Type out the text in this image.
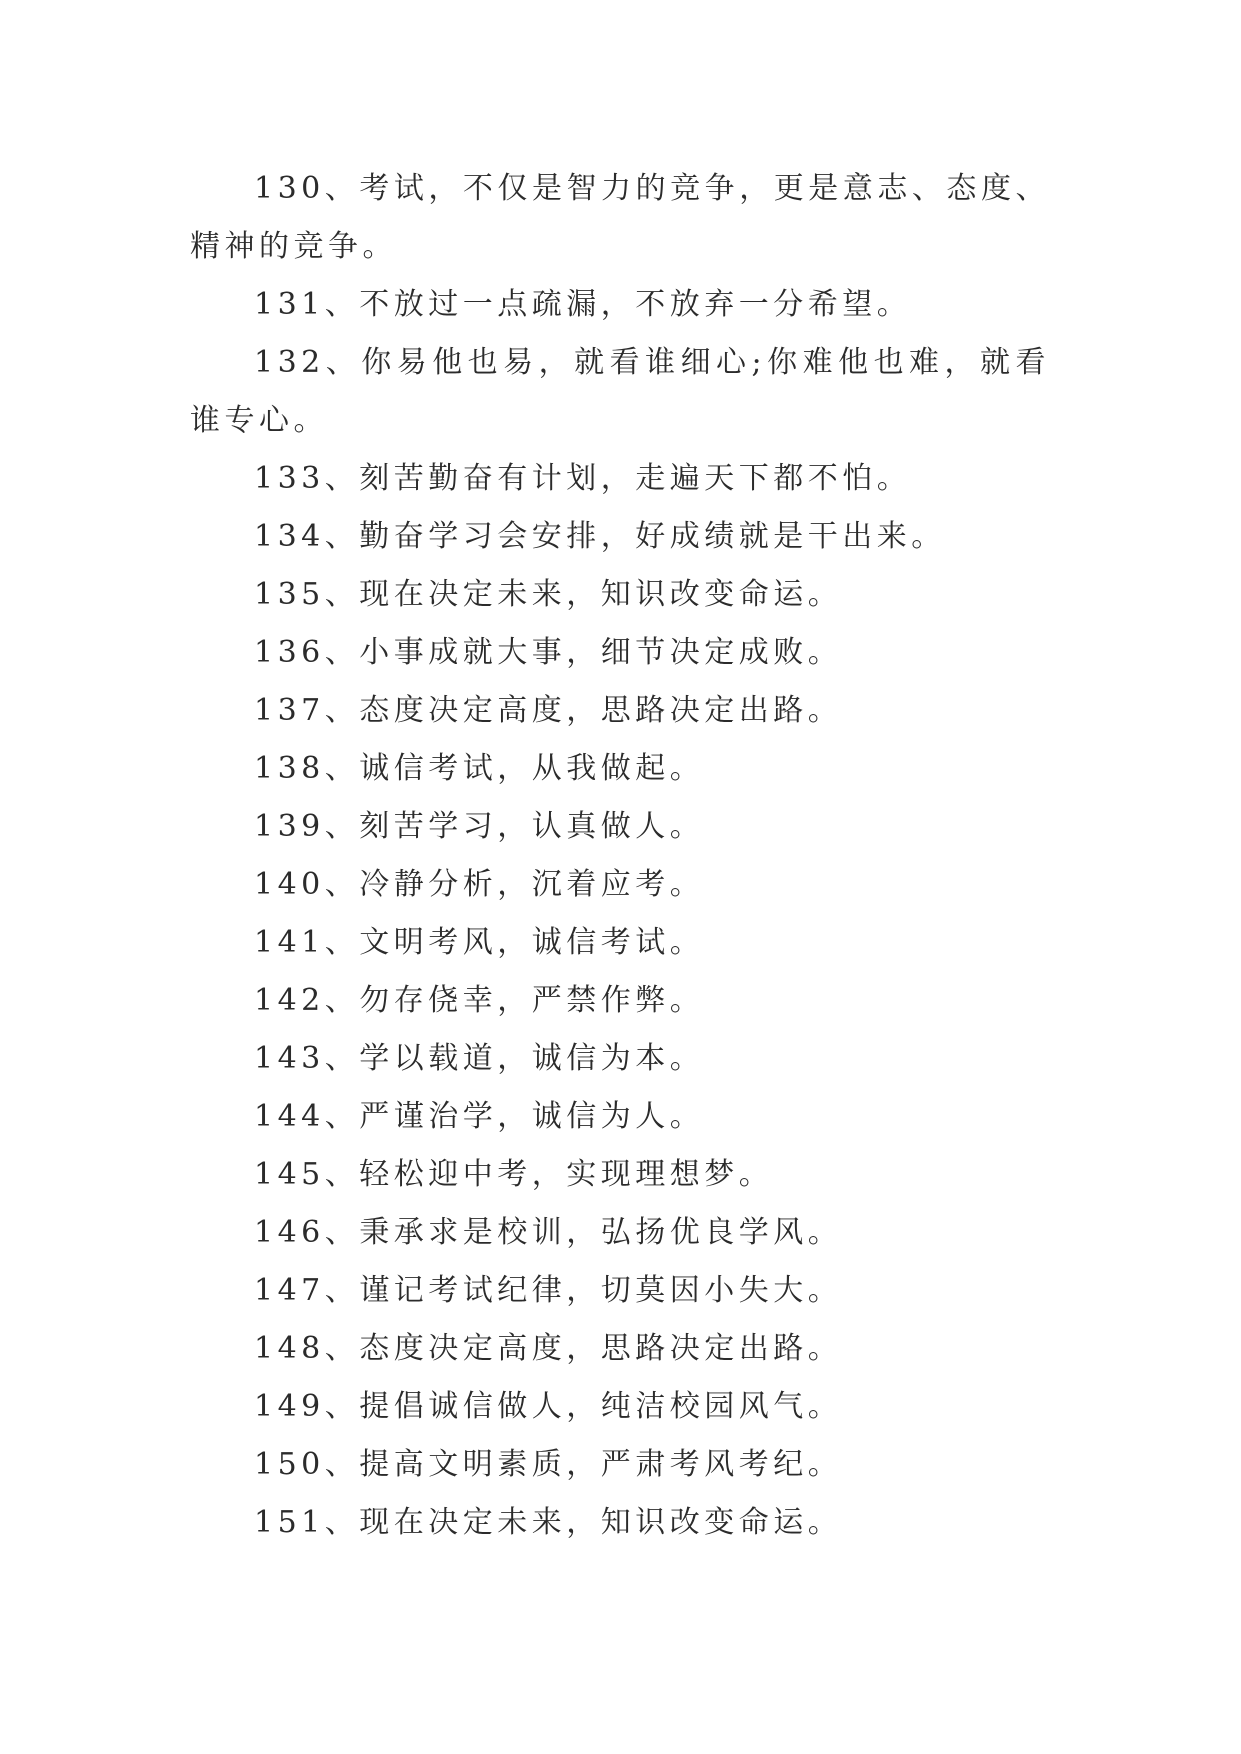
130、考试，不仅是智力的竞争，更是意志、态度、精神的竞争。

131、不放过一点疏漏，不放弃一分希望。

132、你易他也易，就看谁细心;你难他也难，就看谁专心。

133、刻苦勤奋有计划，走遍天下都不怕。

134、勤奋学习会安排，好成绩就是干出来。

135、现在决定未来，知识改变命运。

136、小事成就大事，细节决定成败。

137、态度决定高度，思路决定出路。

138、诚信考试，从我做起。

139、刻苦学习，认真做人。

140、冷静分析，沉着应考。

141、文明考风，诚信考试。

142、勿存侥幸，严禁作弊。

143、学以载道，诚信为本。

144、严谨治学，诚信为人。

145、轻松迎中考，实现理想梦。

146、秉承求是校训，弘扬优良学风。

147、谨记考试纪律，切莫因小失大。

148、态度决定高度，思路决定出路。

149、提倡诚信做人，纯洁校园风气。

150、提高文明素质，严肃考风考纪。

151、现在决定未来，知识改变命运。
